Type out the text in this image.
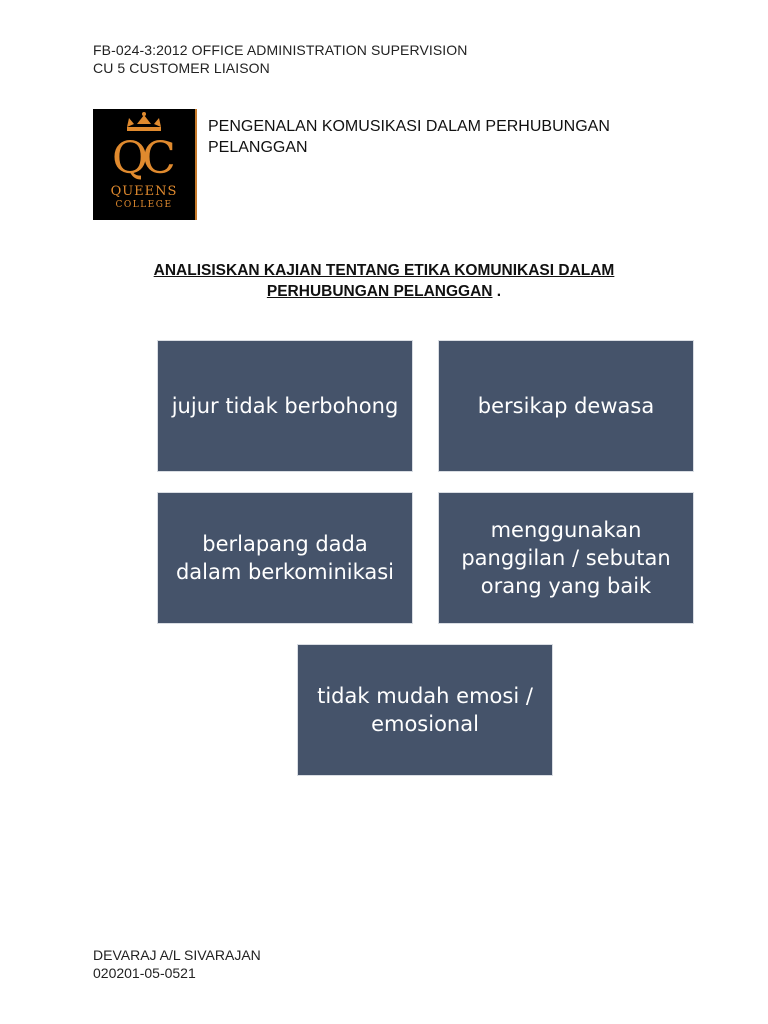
FB-024-3:2012 OFFICE ADMINISTRATION SUPERVISION
CU 5 CUSTOMER LIAISON
Q
C
QUEENS
COLLEGE
PENGENALAN KOMUSIKASI DALAM PERHUBUNGAN
PELANGGAN
ANALISISKAN KAJIAN TENTANG ETIKA KOMUNIKASI DALAM
PERHUBUNGAN PELANGGAN .
jujur tidak berbohong	bersikap dewasa
berlapang dada dalam berkominikasi
menggunakan panggilan / sebutan orang yang baik
tidak mudah emosi / emosional
DEVARAJ A/L SIVARAJAN
020201-05-0521
